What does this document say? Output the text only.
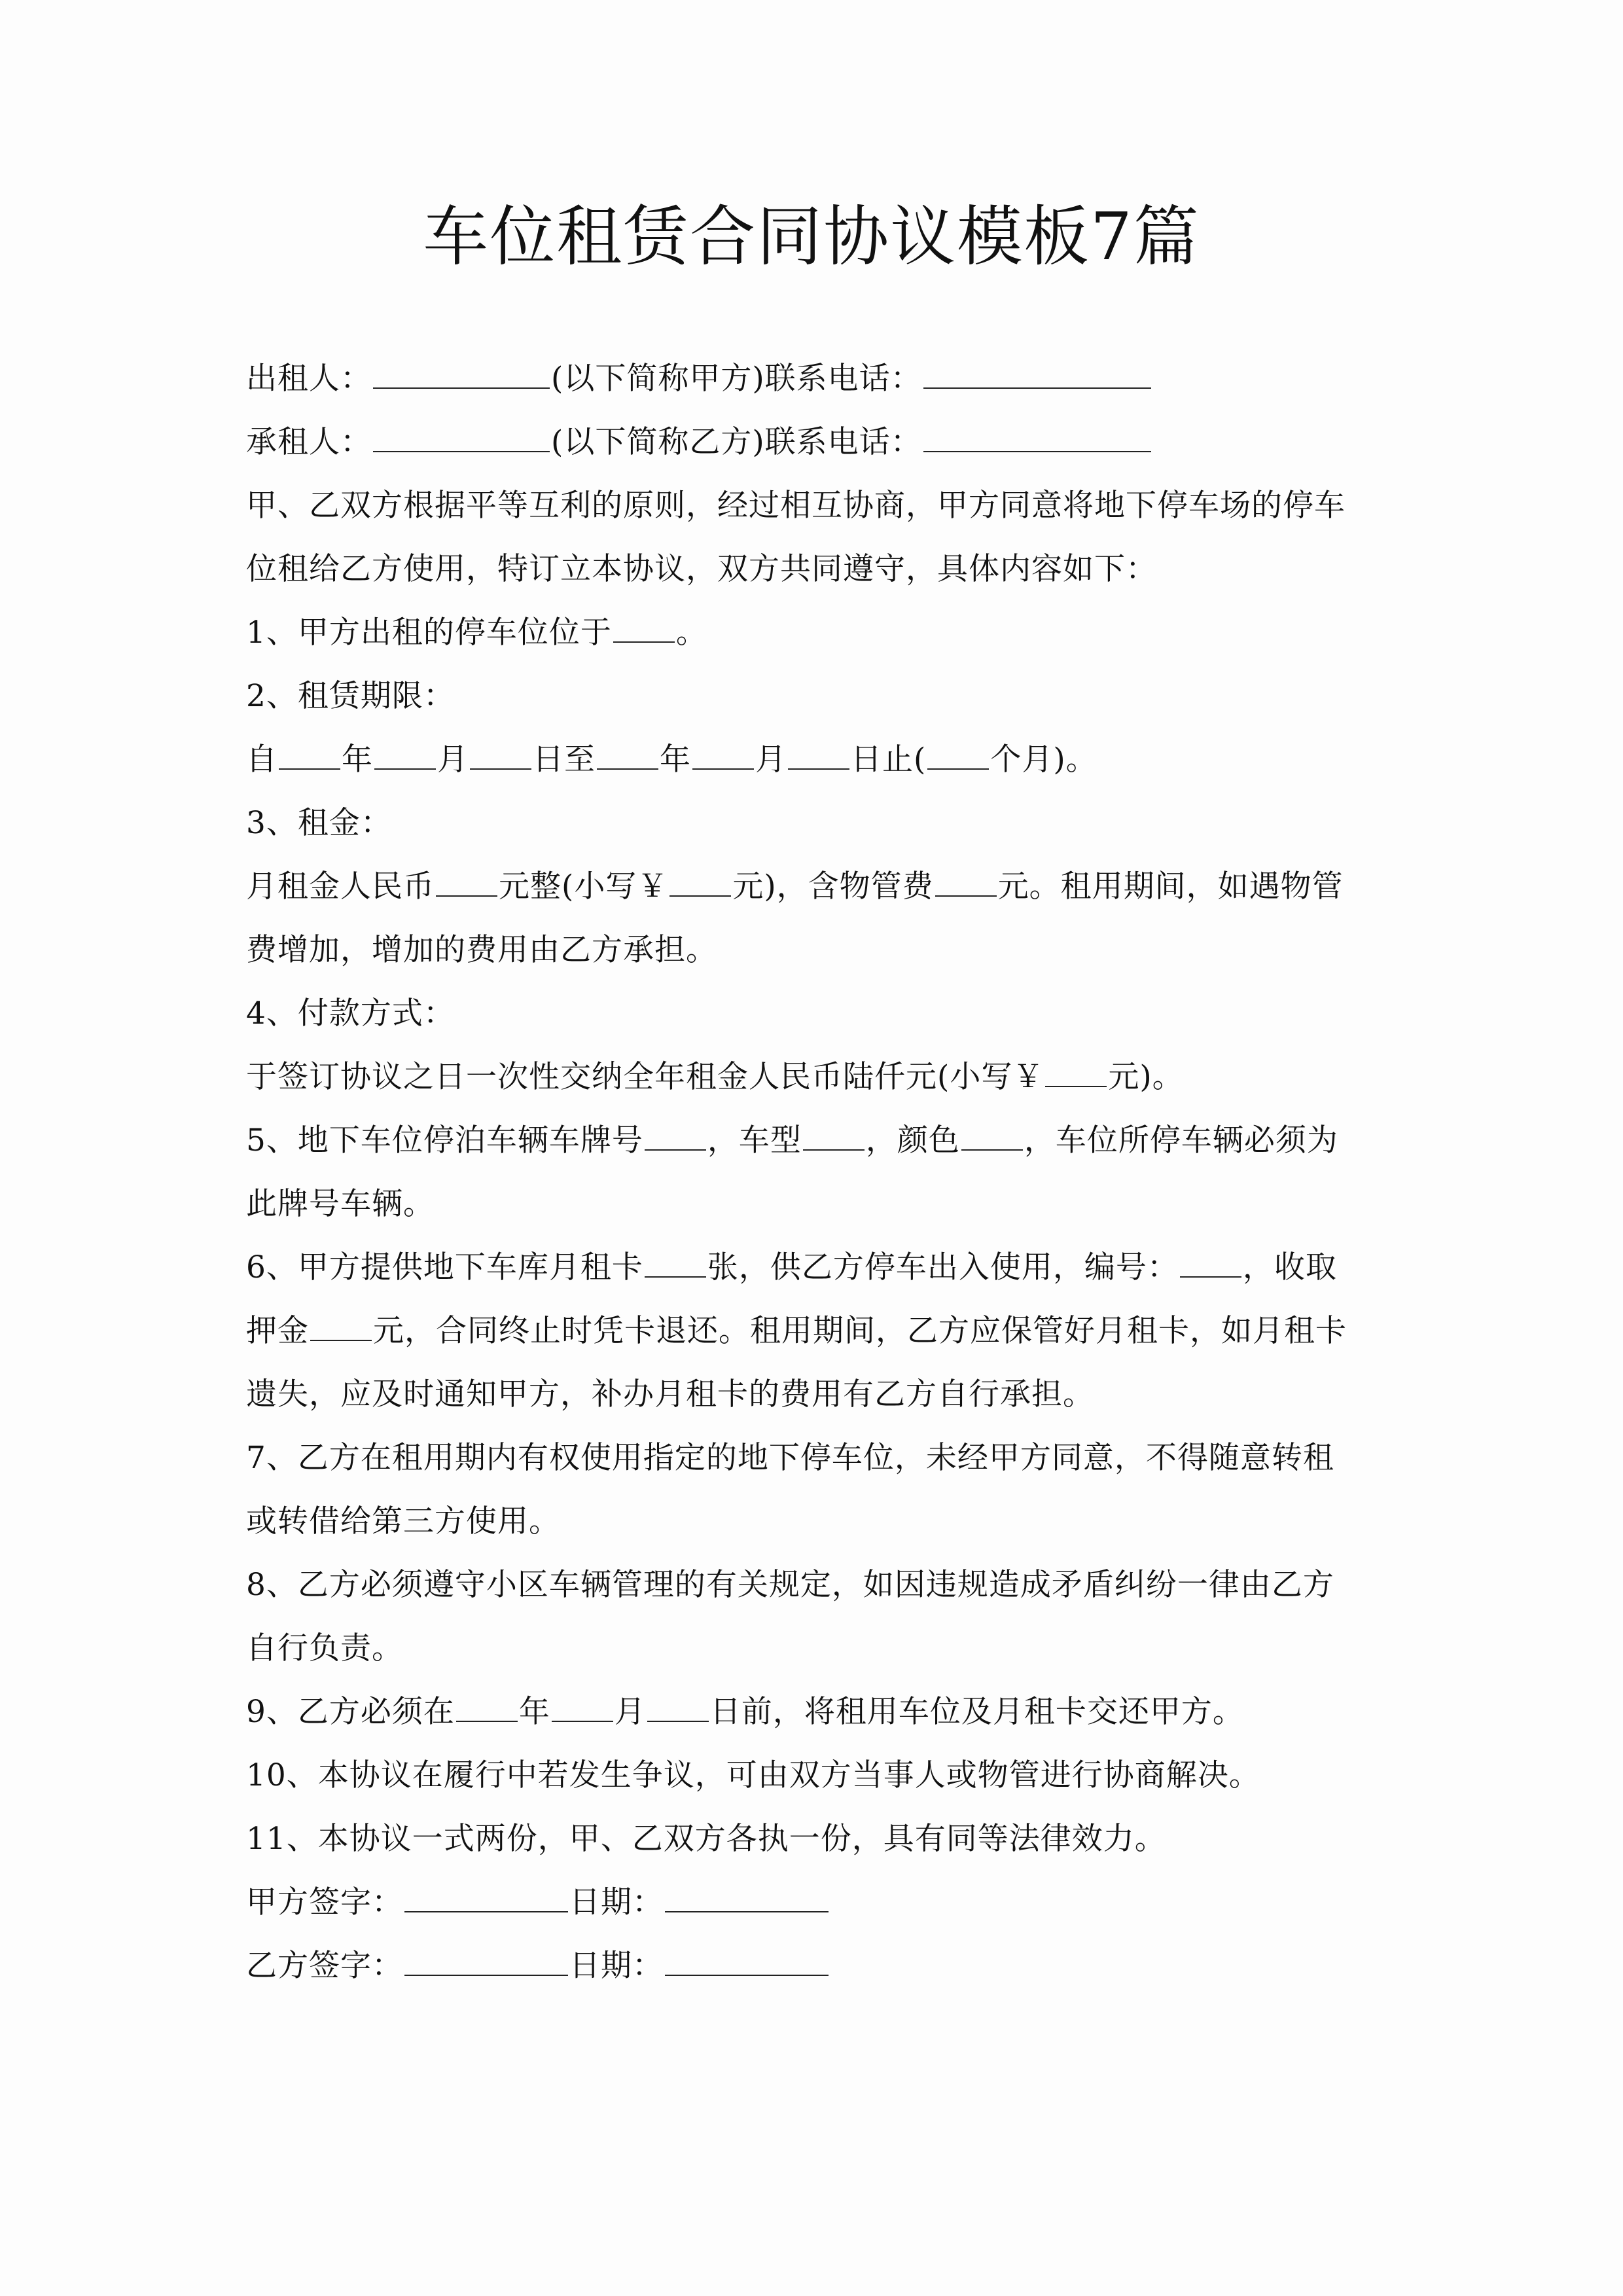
车位租赁合同协议模板7篇
出租人：	(以下简称甲方)联系电话：
承租人：	(以下简称乙方)联系电话：
甲、乙双方根据平等互利的原则，经过相互协商，甲方同意将地下停车场的停车
位租给乙方使用，特订立本协议，双方共同遵守，具体内容如下：
1、甲方出租的停车位位于 。
2、租赁期限：
自 年 月 日至 年 月 日止( 个月)。
3、租金：
月租金人民币 元整(小写￥ 元)，含物管费 元。租用期间，如遇物管
费增加，增加的费用由乙方承担。
4、付款方式：
于签订协议之日一次性交纳全年租金人民币陆仟元(小写￥ 元)。
5、地下车位停泊车辆车牌号 ，车型 ，颜色 ，车位所停车辆必须为
此牌号车辆。
6、甲方提供地下车库月租卡 张，供乙方停车出入使用，编号： ，收取
押金 元，合同终止时凭卡退还。租用期间，乙方应保管好月租卡，如月租卡
遗失，应及时通知甲方，补办月租卡的费用有乙方自行承担。
7、乙方在租用期内有权使用指定的地下停车位，未经甲方同意，不得随意转租
或转借给第三方使用。
8、乙方必须遵守小区车辆管理的有关规定，如因违规造成矛盾纠纷一律由乙方
自行负责。
9、乙方必须在 年 月 日前，将租用车位及月租卡交还甲方。
10、本协议在履行中若发生争议，可由双方当事人或物管进行协商解决。
11、本协议一式两份，甲、乙双方各执一份，具有同等法律效力。
甲方签字：	日期：
乙方签字：	日期：
